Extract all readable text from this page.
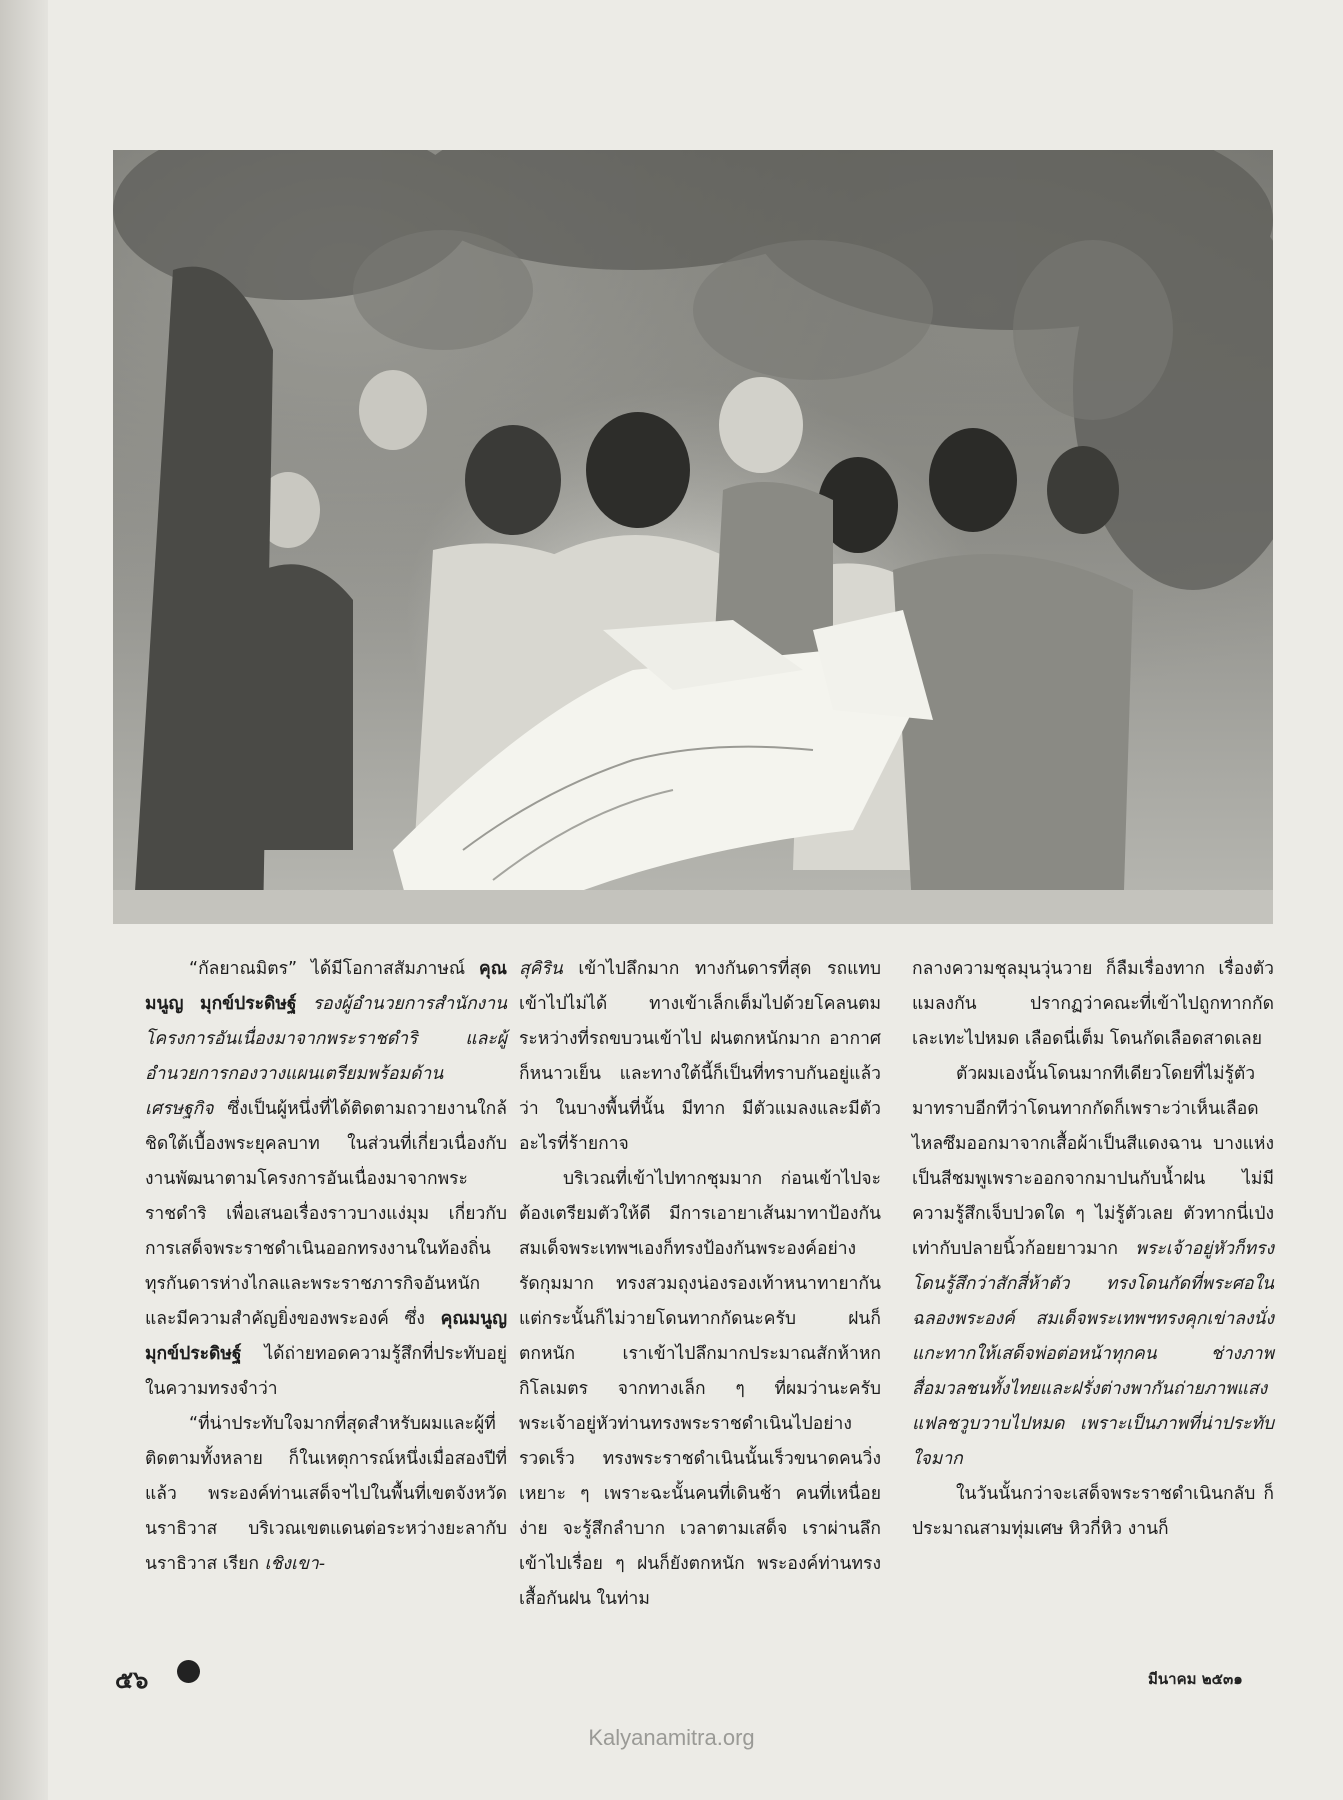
“กัลยาณมิตร” ได้มีโอกาสสัมภาษณ์ คุณมนูญ มุกข์ประดิษฐ์ รองผู้อำนวยการสำนักงานโครงการอันเนื่องมาจากพระราชดำริ และผู้อำนวยการกองวางแผนเตรียมพร้อมด้านเศรษฐกิจ ซึ่งเป็นผู้หนึ่งที่ได้ติดตามถวายงานใกล้ชิดใต้เบื้องพระยุคลบาท ในส่วนที่เกี่ยวเนื่องกับงานพัฒนาตามโครงการอันเนื่องมาจากพระราชดำริ เพื่อเสนอเรื่องราวบางแง่มุม เกี่ยวกับการเสด็จพระราชดำเนินออกทรงงานในท้องถิ่นทุรกันดารห่างไกลและพระราชภารกิจอันหนักและมีความสำคัญยิ่งของพระองค์ ซึ่ง คุณมนูญ มุกข์ประดิษฐ์ ได้ถ่ายทอดความรู้สึกที่ประทับอยู่ในความทรงจำว่า

“ที่น่าประทับใจมากที่สุดสำหรับผมและผู้ที่ติดตามทั้งหลาย ก็ในเหตุการณ์หนึ่งเมื่อสองปีที่แล้ว พระองค์ท่านเสด็จฯไปในพื้นที่เขตจังหวัดนราธิวาส บริเวณเขตแดนต่อระหว่างยะลากับนราธิวาส เรียก เชิงเขา-

สุคิริน เข้าไปลึกมาก ทางกันดารที่สุด รถแทบเข้าไปไม่ได้ ทางเข้าเล็กเต็มไปด้วยโคลนตมระหว่างที่รถขบวนเข้าไป ฝนตกหนักมาก อากาศก็หนาวเย็น และทางใต้นี้ก็เป็นที่ทราบกันอยู่แล้วว่า ในบางพื้นที่นั้น มีทาก มีตัวแมลงและมีตัวอะไรที่ร้ายกาจ

บริเวณที่เข้าไปทากชุมมาก ก่อนเข้าไปจะต้องเตรียมตัวให้ดี มีการเอายาเส้นมาทาป้องกัน สมเด็จพระเทพฯเองก็ทรงป้องกันพระองค์อย่างรัดกุมมาก ทรงสวมถุงน่องรองเท้าหนาทายากัน แต่กระนั้นก็ไม่วายโดนทากกัดนะครับ ฝนก็ตกหนัก เราเข้าไปลึกมากประมาณสักห้าหกกิโลเมตร จากทางเล็ก ๆ ที่ผมว่านะครับ พระเจ้าอยู่หัวท่านทรงพระราชดำเนินไปอย่างรวดเร็ว ทรงพระราชดำเนินนั้นเร็วขนาดคนวิ่งเหยาะ ๆ เพราะฉะนั้นคนที่เดินช้า คนที่เหนื่อยง่าย จะรู้สึกลำบาก เวลาตามเสด็จ เราผ่านลึกเข้าไปเรื่อย ๆ ฝนก็ยังตกหนัก พระองค์ท่านทรงเสื้อกันฝน ในท่าม

กลางความชุลมุนวุ่นวาย ก็ลืมเรื่องทาก เรื่องตัวแมลงกัน ปรากฏว่าคณะที่เข้าไปถูกทากกัดเละเทะไปหมด เลือดนี่เต็ม โดนกัดเลือดสาดเลย

ตัวผมเองนั้นโดนมากทีเดียวโดยที่ไม่รู้ตัว มาทราบอีกทีว่าโดนทากกัดก็เพราะว่าเห็นเลือดไหลซึมออกมาจากเสื้อผ้าเป็นสีแดงฉาน บางแห่งเป็นสีชมพูเพราะออกจากมาปนกับน้ำฝน ไม่มีความรู้สึกเจ็บปวดใด ๆ ไม่รู้ตัวเลย ตัวทากนี่เป่งเท่ากับปลายนิ้วก้อยยาวมาก พระเจ้าอยู่หัวก็ทรงโดนรู้สึกว่าสักสี่ห้าตัว ทรงโดนกัดที่พระศอในฉลองพระองค์ สมเด็จพระเทพฯทรงคุกเข่าลงนั่งแกะทากให้เสด็จพ่อต่อหน้าทุกคน ช่างภาพสื่อมวลชนทั้งไทยและฝรั่งต่างพากันถ่ายภาพแสงแฟลชวูบวาบไปหมด เพราะเป็นภาพที่น่าประทับใจมาก

ในวันนั้นกว่าจะเสด็จพระราชดำเนินกลับ ก็ประมาณสามทุ่มเศษ หิวกี่หิว งานก็

๕๖	มีนาคม ๒๕๓๑
Kalyanamitra.org
